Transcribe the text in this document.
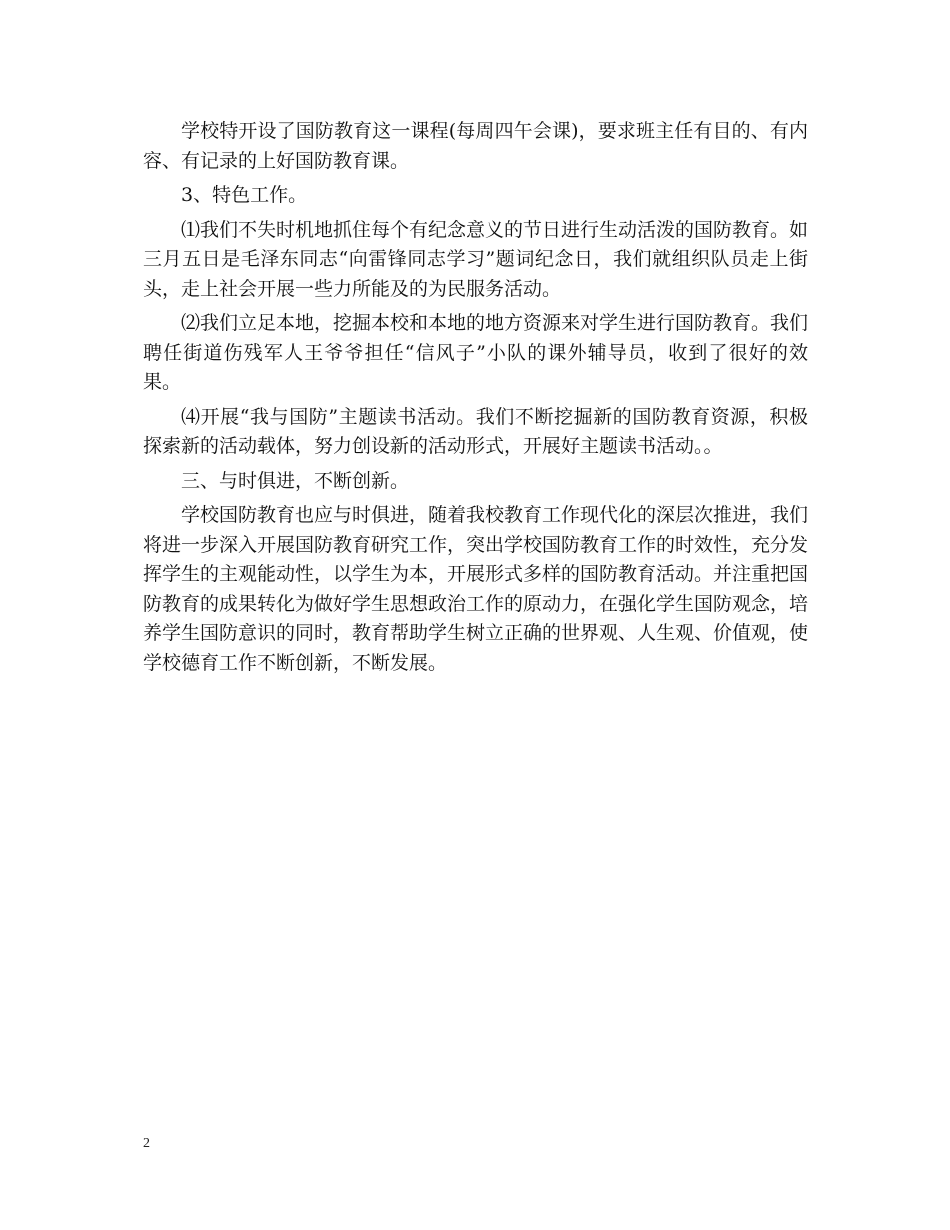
学校特开设了国防教育这一课程(每周四午会课)，要求班主任有目的、有内容、有记录的上好国防教育课。

3、特色工作。

⑴我们不失时机地抓住每个有纪念意义的节日进行生动活泼的国防教育。如三月五日是毛泽东同志“向雷锋同志学习”题词纪念日，我们就组织队员走上街头，走上社会开展一些力所能及的为民服务活动。

⑵我们立足本地，挖掘本校和本地的地方资源来对学生进行国防教育。我们聘任街道伤残军人王爷爷担任“信风子”小队的课外辅导员，收到了很好的效果。

⑷开展“我与国防”主题读书活动。我们不断挖掘新的国防教育资源，积极探索新的活动载体，努力创设新的活动形式，开展好主题读书活动。。

三、与时俱进，不断创新。

学校国防教育也应与时俱进，随着我校教育工作现代化的深层次推进，我们将进一步深入开展国防教育研究工作，突出学校国防教育工作的时效性，充分发挥学生的主观能动性，以学生为本，开展形式多样的国防教育活动。并注重把国防教育的成果转化为做好学生思想政治工作的原动力，在强化学生国防观念，培养学生国防意识的同时，教育帮助学生树立正确的世界观、人生观、价值观，使学校德育工作不断创新，不断发展。

2
